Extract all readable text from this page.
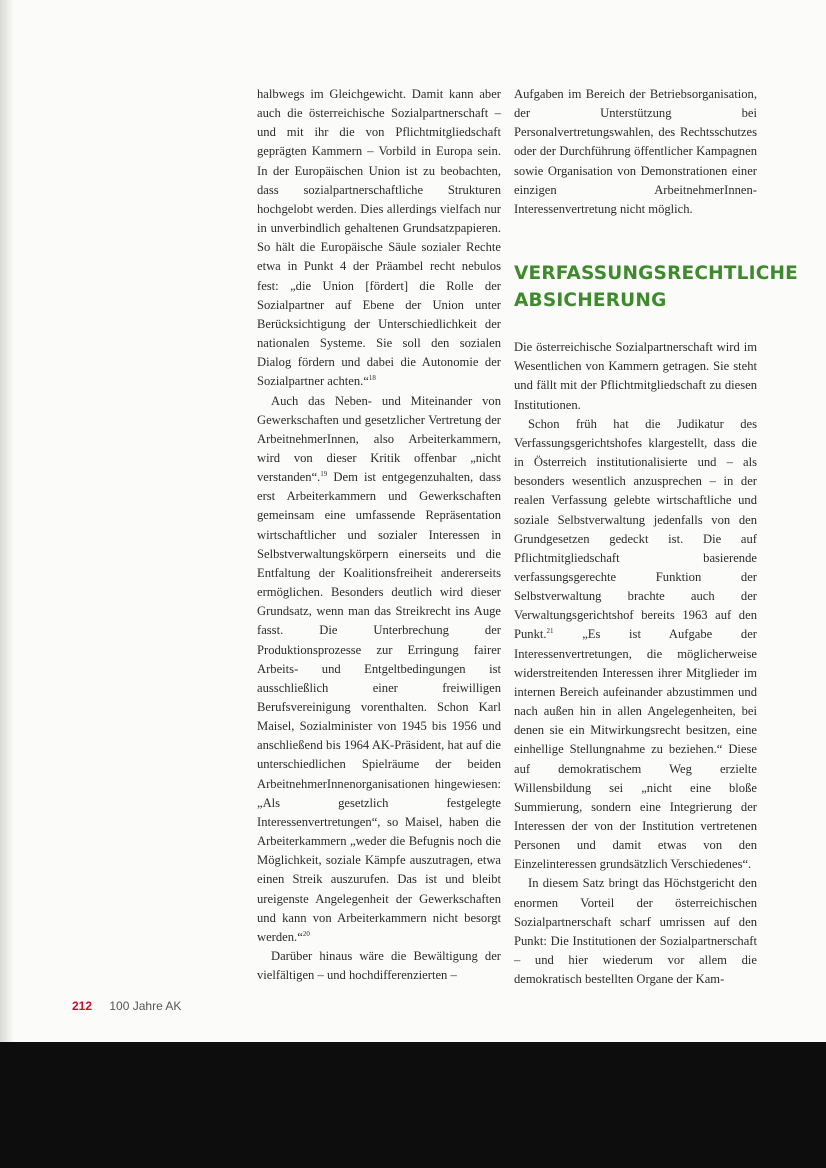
halbwegs im Gleichgewicht. Damit kann aber auch die österreichische Sozialpartnerschaft – und mit ihr die von Pflichtmitgliedschaft geprägten Kammern – Vorbild in Europa sein. In der Europäischen Union ist zu beobachten, dass sozialpartnerschaftliche Strukturen hochgelobt werden. Dies allerdings vielfach nur in unverbindlich gehaltenen Grundsatzpapieren. So hält die Europäische Säule sozialer Rechte etwa in Punkt 4 der Präambel recht nebulos fest: „die Union [fördert] die Rolle der Sozialpartner auf Ebene der Union unter Berücksichtigung der Unterschiedlichkeit der nationalen Systeme. Sie soll den sozialen Dialog fördern und dabei die Autonomie der Sozialpartner achten.“$^{18}$

Auch das Neben- und Miteinander von Gewerkschaften und gesetzlicher Vertretung der ArbeitnehmerInnen, also Arbeiterkammern, wird von dieser Kritik offenbar „nicht verstanden“.$^{19}$ Dem ist entgegenzuhalten, dass erst Arbeiterkammern und Gewerkschaften gemeinsam eine umfassende Repräsentation wirtschaftlicher und sozialer Interessen in Selbstverwaltungskörpern einerseits und die Entfaltung der Koalitionsfreiheit andererseits ermöglichen. Besonders deutlich wird dieser Grundsatz, wenn man das Streikrecht ins Auge fasst. Die Unterbrechung der Produktionsprozesse zur Erringung fairer Arbeits- und Entgeltbedingungen ist ausschließlich einer freiwilligen Berufsvereinigung vorenthalten. Schon Karl Maisel, Sozialminister von 1945 bis 1956 und anschließend bis 1964 AK-Präsident, hat auf die unterschiedlichen Spielräume der beiden ArbeitnehmerInnenorganisationen hingewiesen: „Als gesetzlich festgelegte Interessenvertretungen“, so Maisel, haben die Arbeiterkammern „weder die Befugnis noch die Möglichkeit, soziale Kämpfe auszutragen, etwa einen Streik auszurufen. Das ist und bleibt ureigenste Angelegenheit der Gewerkschaften und kann von Arbeiterkammern nicht besorgt werden.“$^{20}$

Darüber hinaus wäre die Bewältigung der vielfältigen – und hochdifferenzierten –

Aufgaben im Bereich der Betriebsorganisation, der Unterstützung bei Personalvertretungswahlen, des Rechtsschutzes oder der Durchführung öffentlicher Kampagnen sowie Organisation von Demonstrationen einer einzigen ArbeitnehmerInnen-Interessenvertretung nicht möglich.

VERFASSUNGSRECHTLICHE ABSICHERUNG

Die österreichische Sozialpartnerschaft wird im Wesentlichen von Kammern getragen. Sie steht und fällt mit der Pflichtmitgliedschaft zu diesen Institutionen.

Schon früh hat die Judikatur des Verfassungsgerichtshofes klargestellt, dass die in Österreich institutionalisierte und – als besonders wesentlich anzusprechen – in der realen Verfassung gelebte wirtschaftliche und soziale Selbstverwaltung jedenfalls von den Grundgesetzen gedeckt ist. Die auf Pflichtmitgliedschaft basierende verfassungsgerechte Funktion der Selbstverwaltung brachte auch der Verwaltungsgerichtshof bereits 1963 auf den Punkt.$^{21}$ „Es ist Aufgabe der Interessenvertretungen, die möglicherweise widerstreitenden Interessen ihrer Mitglieder im internen Bereich aufeinander abzustimmen und nach außen hin in allen Angelegenheiten, bei denen sie ein Mitwirkungsrecht besitzen, eine einhellige Stellungnahme zu beziehen.“ Diese auf demokratischem Weg erzielte Willensbildung sei „nicht eine bloße Summierung, sondern eine Integrierung der Interessen der von der Institution vertretenen Personen und damit etwas von den Einzelinteressen grundsätzlich Verschiedenes“.

In diesem Satz bringt das Höchstgericht den enormen Vorteil der österreichischen Sozialpartnerschaft scharf umrissen auf den Punkt: Die Institutionen der Sozialpartnerschaft – und hier wiederum vor allem die demokratisch bestellten Organe der Kam-

212 100 Jahre AK
